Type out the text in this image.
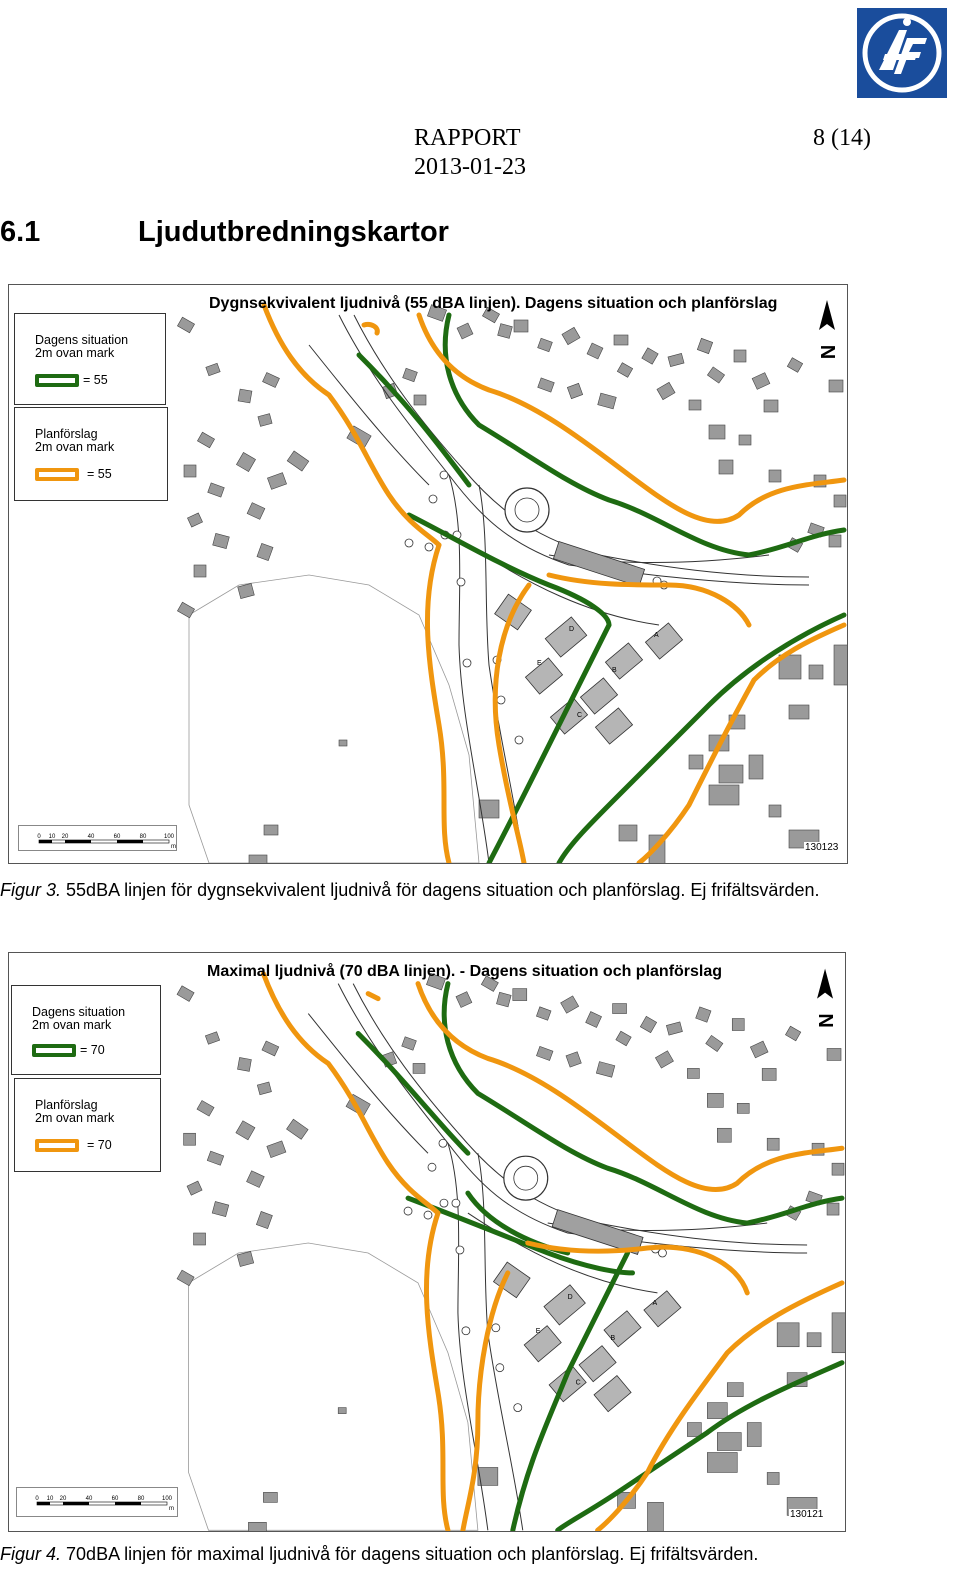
RAPPORT	8 (14)
2013-01-23
6.1	Ljudutbredningskartor
D
A
E
B
C
N
Dygnsekvivalent ljudnivå (55 dBA linjen). Dagens situation och planförslag
Dagens situation
2m ovan mark
= 55
Planförslag
2m ovan mark
= 55
0 10 20	40	60	80	100
m	130123
Figur 3. 55dBA linjen för dygnsekvivalent ljudnivå för dagens situation och planförslag. Ej frifältsvärden.
D
A
E
B
C
N
Maximal ljudnivå (70 dBA linjen). - Dagens situation och planförslag
Dagens situation
2m ovan mark
= 70
Planförslag
2m ovan mark
= 70
0 10 20	40	60	80	100
m	130121
Figur 4. 70dBA linjen för maximal ljudnivå för dagens situation och planförslag. Ej frifältsvärden.
